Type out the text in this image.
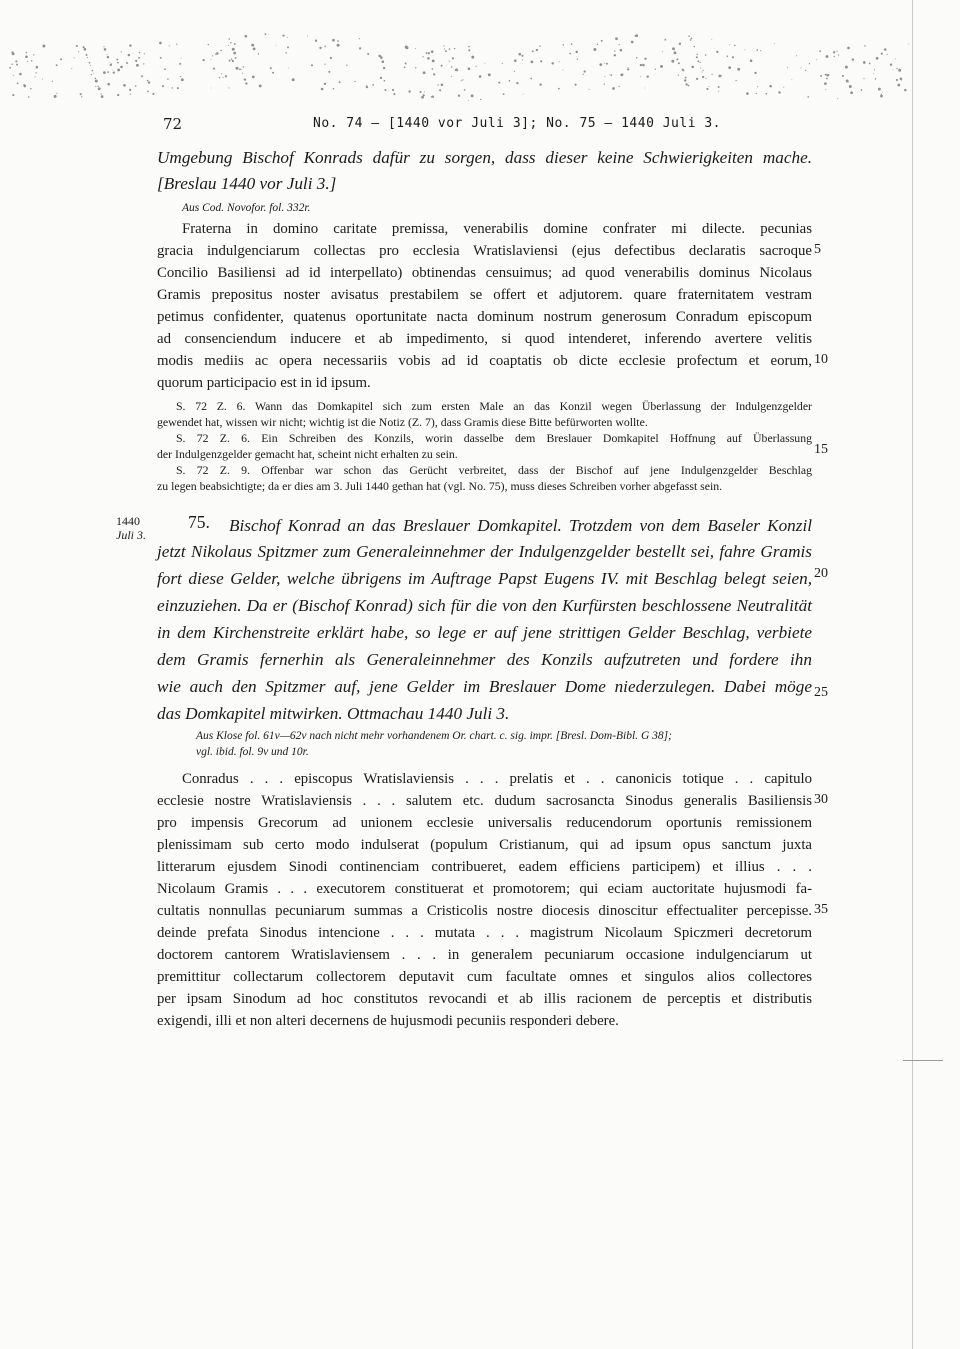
72	No. 74 — [1440 vor Juli 3]; No. 75 — 1440 Juli 3.
Umgebung Bischof Konrads dafür zu sorgen, dass dieser keine Schwierigkeiten mache.
[Breslau 1440 vor Juli 3.]
Aus Cod. Novofor. fol. 332r.
Fraterna in domino caritate premissa, venerabilis domine confrater mi dilecte. pecunias
gracia indulgenciarum collectas pro ecclesia Wratislaviensi (ejus defectibus declaratis sacroque
Concilio Basiliensi ad id interpellato) obtinendas censuimus; ad quod venerabilis dominus Nicolaus
Gramis prepositus noster avisatus prestabilem se offert et adjutorem. quare fraternitatem vestram
petimus confidenter, quatenus oportunitate nacta dominum nostrum generosum Conradum episcopum
ad consenciendum inducere et ab impedimento, si quod intenderet, inferendo avertere velitis
modis mediis ac opera necessariis vobis ad id coaptatis ob dicte ecclesie profectum et eorum,
quorum participacio est in id ipsum.
S. 72 Z. 6. Wann das Domkapitel sich zum ersten Male an das Konzil wegen Überlassung der Indulgenzgelder
gewendet hat, wissen wir nicht; wichtig ist die Notiz (Z. 7), dass Gramis diese Bitte befürworten wollte.
S. 72 Z. 6. Ein Schreiben des Konzils, worin dasselbe dem Breslauer Domkapitel Hoffnung auf Überlassung
der Indulgenzgelder gemacht hat, scheint nicht erhalten zu sein.
S. 72 Z. 9. Offenbar war schon das Gerücht verbreitet, dass der Bischof auf jene Indulgenzgelder Beschlag
zu legen beabsichtigte; da er dies am 3. Juli 1440 gethan hat (vgl. No. 75), muss dieses Schreiben vorher abgefasst sein.
1440
Juli 3.
75. Bischof Konrad an das Breslauer Domkapitel. Trotzdem von dem Baseler Konzil
jetzt Nikolaus Spitzmer zum Generaleinnehmer der Indulgenzgelder bestellt sei, fahre Gramis
fort diese Gelder, welche übrigens im Auftrage Papst Eugens IV. mit Beschlag belegt seien,
einzuziehen. Da er (Bischof Konrad) sich für die von den Kurfürsten beschlossene Neutralität
in dem Kirchenstreite erklärt habe, so lege er auf jene strittigen Gelder Beschlag, verbiete
dem Gramis fernerhin als Generaleinnehmer des Konzils aufzutreten und fordere ihn
wie auch den Spitzmer auf, jene Gelder im Breslauer Dome niederzulegen. Dabei möge
das Domkapitel mitwirken. Ottmachau 1440 Juli 3.
Aus Klose fol. 61v—62v nach nicht mehr vorhandenem Or. chart. c. sig. impr. [Bresl. Dom-Bibl. G 38];
vgl. ibid. fol. 9v und 10r.
Conradus . . . episcopus Wratislaviensis . . . prelatis et . . canonicis totique . . capitulo
ecclesie nostre Wratislaviensis . . . salutem etc. dudum sacrosancta Sinodus generalis Basiliensis
pro impensis Grecorum ad unionem ecclesie universalis reducendorum oportunis remissionem
plenissimam sub certo modo indulserat (populum Cristianum, qui ad ipsum opus sanctum juxta
litterarum ejusdem Sinodi continenciam contribueret, eadem efficiens participem) et illius . . .
Nicolaum Gramis . . . executorem constituerat et promotorem; qui eciam auctoritate hujusmodi fa-
cultatis nonnullas pecuniarum summas a Cristicolis nostre diocesis dinoscitur effectualiter percepisse.
deinde prefata Sinodus intencione . . . mutata . . . magistrum Nicolaum Spiczmeri decretorum
doctorem cantorem Wratislaviensem . . . in generalem pecuniarum occasione indulgenciarum ut
premittitur collectarum collectorem deputavit cum facultate omnes et singulos alios collectores
per ipsam Sinodum ad hoc constitutos revocandi et ab illis racionem de perceptis et distributis
exigendi, illi et non alteri decernens de hujusmodi pecuniis responderi debere.
5
10
15
20
25
30
35
